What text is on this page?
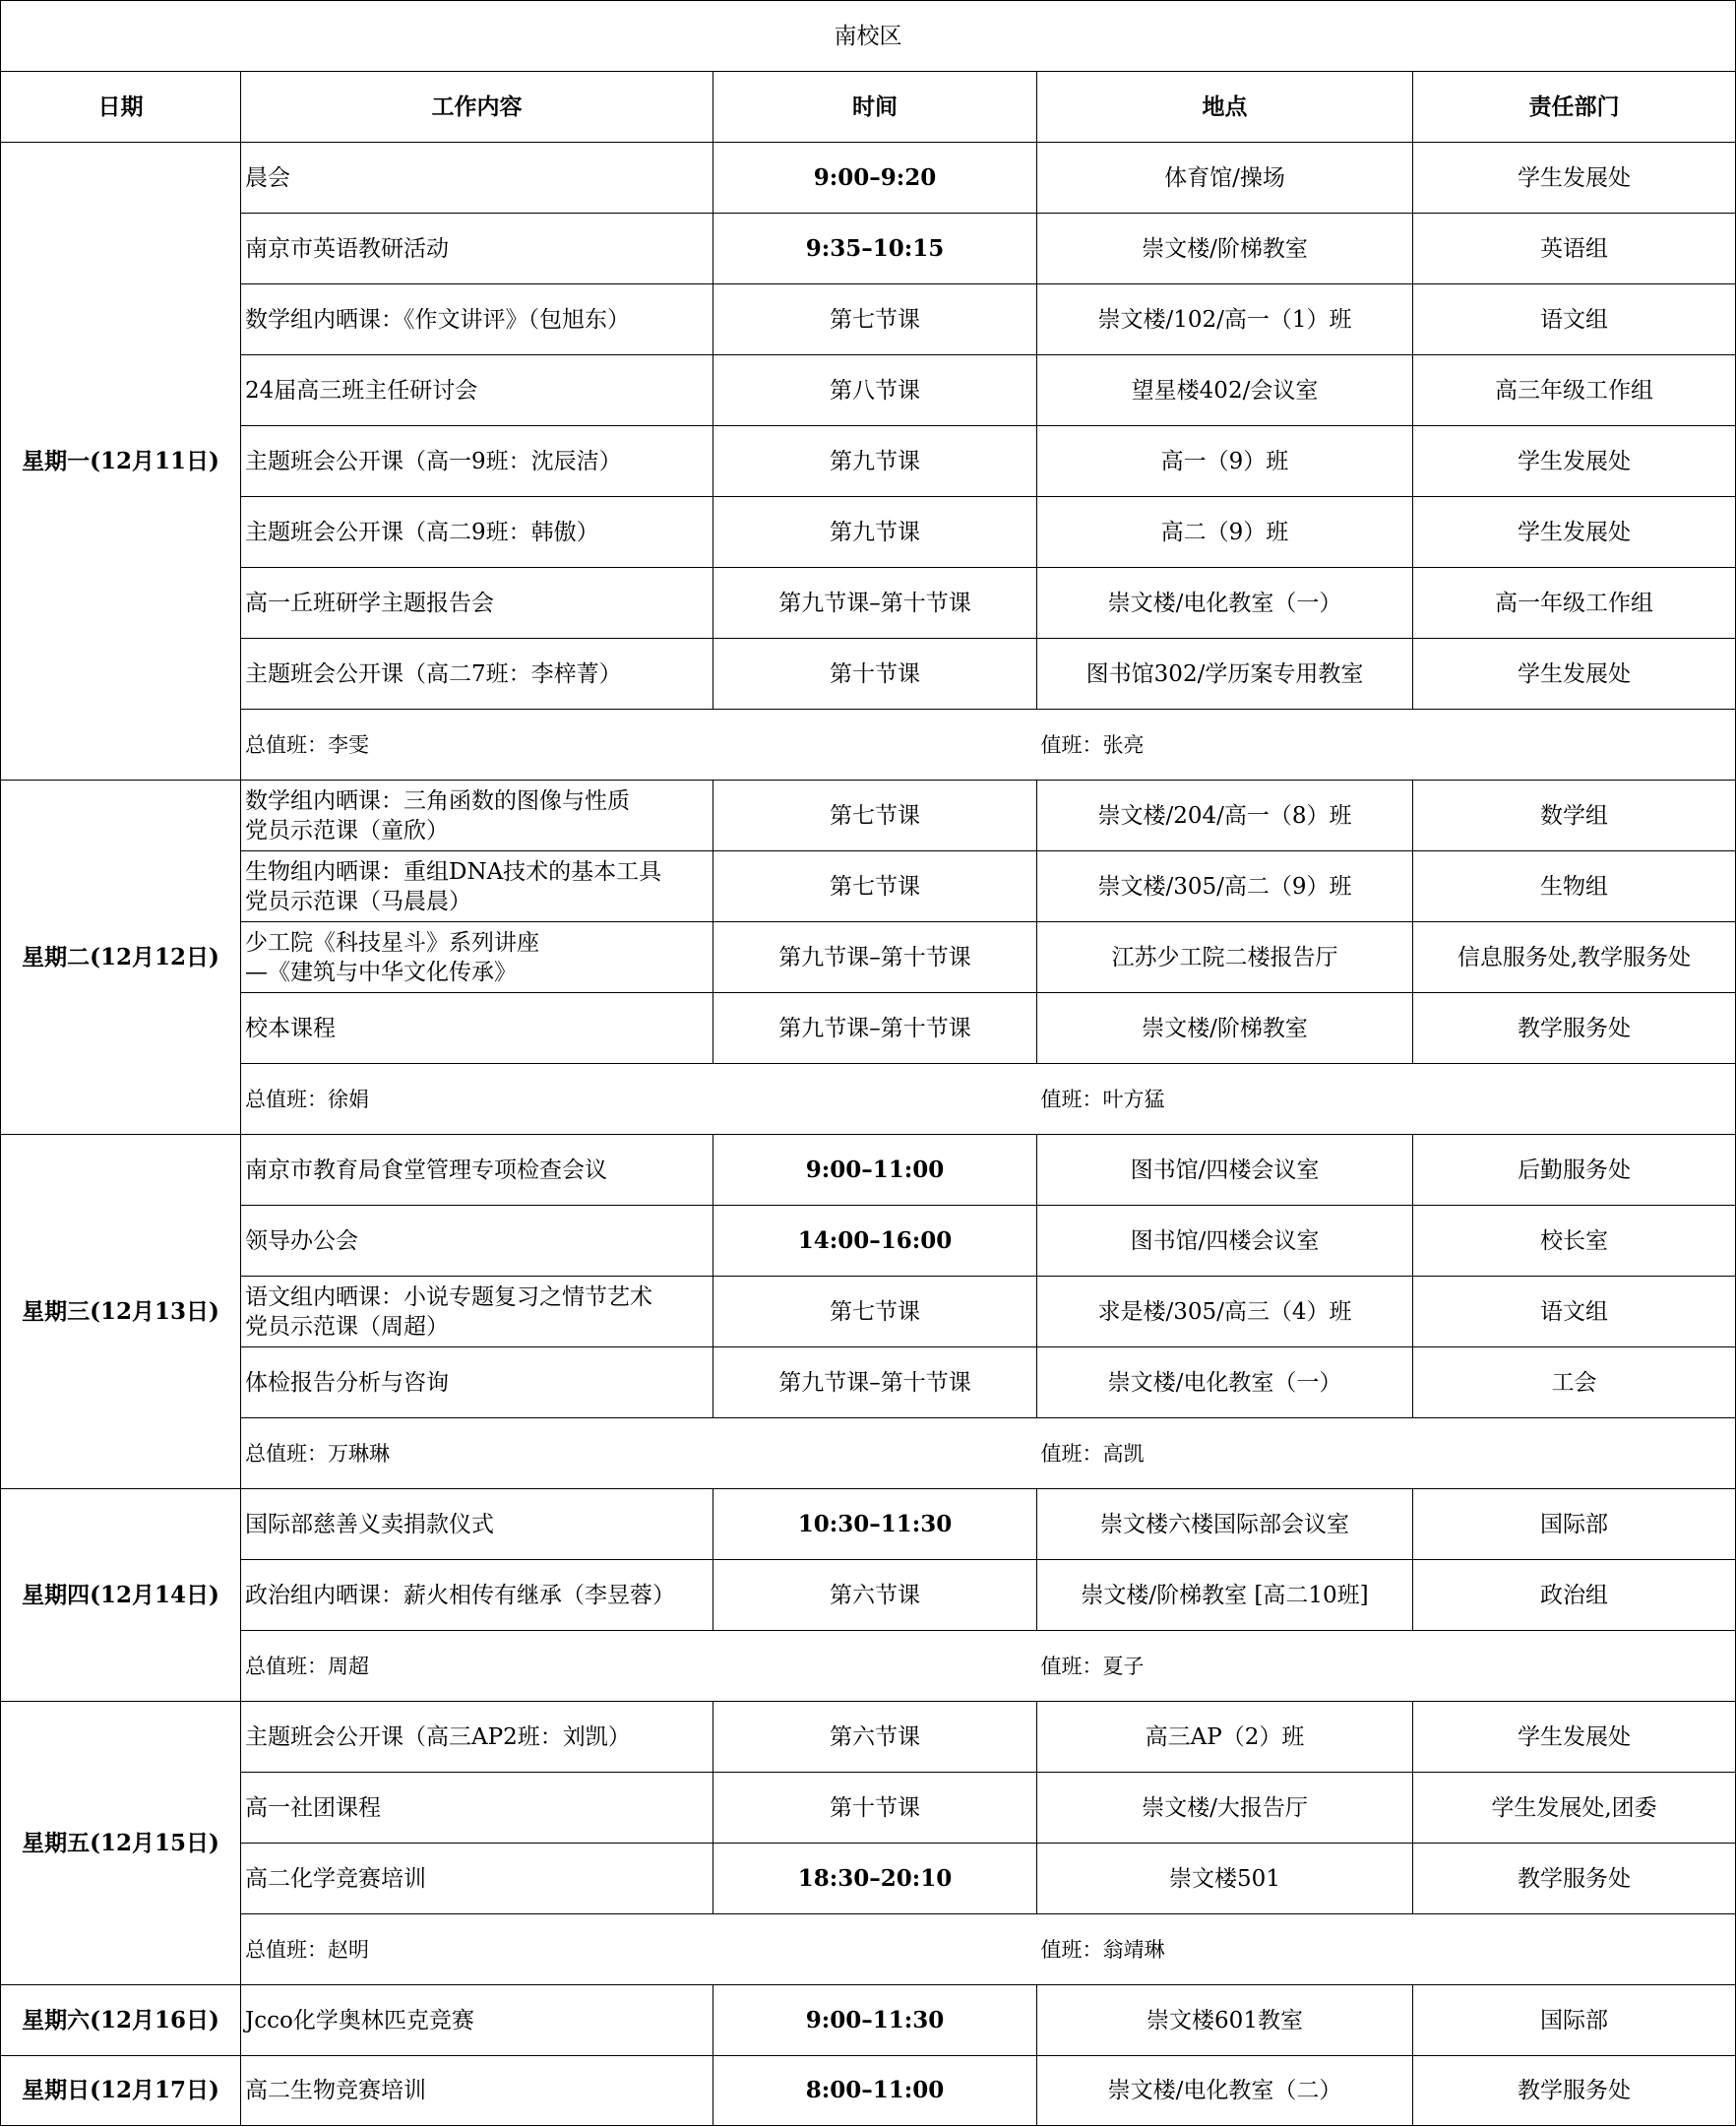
南校区					
日期	工作内容	时间	地点	责任部门	
星期一(12月11日)	晨会	9:00–9:20	体育馆/操场	学生发展处	
	南京市英语教研活动	9:35–10:15	崇文楼/阶梯教室	英语组	
	数学组内晒课：《作文讲评》（包旭东）	第七节课	崇文楼/102/高一（1）班	语文组	
	24届高三班主任研讨会	第八节课	望星楼402/会议室	高三年级工作组	
	主题班会公开课（高一9班：沈辰洁）	第九节课	高一（9）班	学生发展处	
	主题班会公开课（高二9班：韩傲）	第九节课	高二（9）班	学生发展处	
	高一丘班研学主题报告会	第九节课–第十节课	崇文楼/电化教室（一）	高一年级工作组	
	主题班会公开课（高二7班：李梓菁）	第十节课	图书馆302/学历案专用教室	学生发展处	
	总值班：李雯		值班：张亮		
星期二(12月12日)	数学组内晒课：三角函数的图像与性质
党员示范课（童欣）	第七节课	崇文楼/204/高一（8）班	数学组	

	生物组内晒课：重组DNA技术的基本工具
党员示范课（马晨晨）	第七节课	崇文楼/305/高二（9）班	生物组	

	少工院《科技星斗》系列讲座
—《建筑与中华文化传承》	第九节课–第十节课	江苏少工院二楼报告厅	信息服务处,教学服务处	
	校本课程	第九节课–第十节课	崇文楼/阶梯教室	教学服务处	
	总值班：徐娟		值班：叶方猛		
星期三(12月13日)	南京市教育局食堂管理专项检查会议	9:00–11:00	图书馆/四楼会议室	后勤服务处	
	领导办公会	14:00–16:00	图书馆/四楼会议室	校长室	

	语文组内晒课：小说专题复习之情节艺术
党员示范课（周超）	第七节课	求是楼/305/高三（4）班	语文组	
	体检报告分析与咨询	第九节课–第十节课	崇文楼/电化教室（一）	工会	
	总值班：万琳琳		值班：高凯		
星期四(12月14日)	国际部慈善义卖捐款仪式	10:30–11:30	崇文楼六楼国际部会议室	国际部	
	政治组内晒课：薪火相传有继承（李昱蓉）	第六节课	崇文楼/阶梯教室 [高二10班]	政治组	
	总值班：周超		值班：夏子		
星期五(12月15日)	主题班会公开课（高三AP2班：刘凯）	第六节课	高三AP（2）班	学生发展处	
	高一社团课程	第十节课	崇文楼/大报告厅	学生发展处,团委	
	高二化学竞赛培训	18:30–20:10	崇文楼501	教学服务处	
	总值班：赵明		值班：翁靖琳		
星期六(12月16日)	Jcco化学奥林匹克竞赛	9:00–11:30	崇文楼601教室	国际部	
星期日(12月17日)	高二生物竞赛培训	8:00–11:00	崇文楼/电化教室（二）	教学服务处	
